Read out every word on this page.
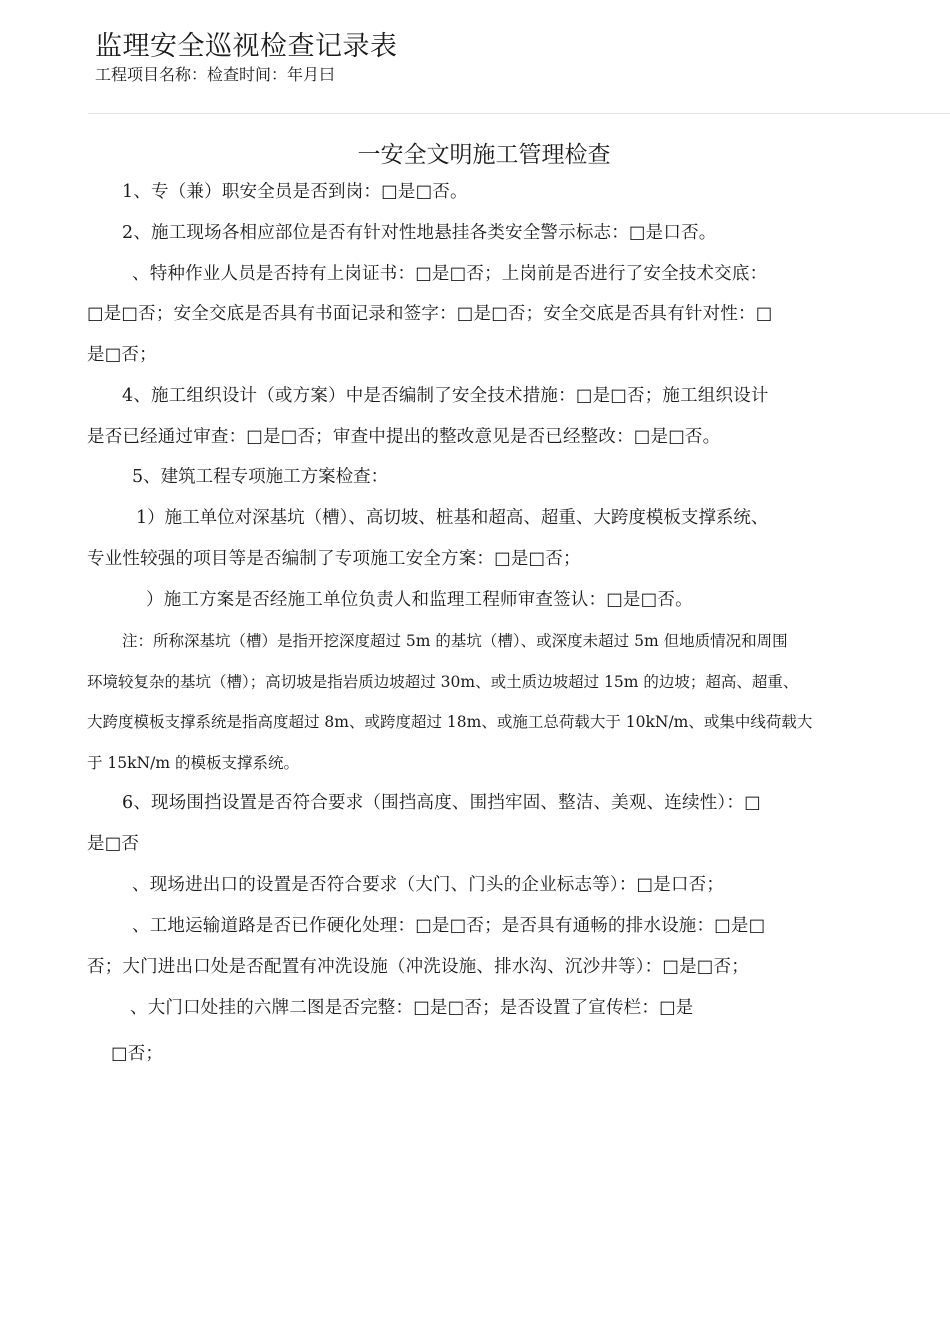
监理安全巡视检查记录表
工程项目名称：检查时间：年月曰
一安全文明施工管理检查
1、专（兼）职安全员是否到岗：□是□否。
2、施工现场各相应部位是否有针对性地悬挂各类安全警示标志：□是口否。
、特种作业人员是否持有上岗证书：□是□否；上岗前是否进行了安全技术交底：
□是□否；安全交底是否具有书面记录和签字：□是□否；安全交底是否具有针对性：□
是□否；
4、施工组织设计（或方案）中是否编制了安全技术措施：□是□否；施工组织设计
是否已经通过审查：□是□否；审查中提出的整改意见是否已经整改：□是□否。
5、建筑工程专项施工方案检查：
1）施工单位对深基坑（槽）、高切坡、桩基和超高、超重、大跨度模板支撑系统、
专业性较强的项目等是否编制了专项施工安全方案：□是□否；
）施工方案是否经施工单位负责人和监理工程师审查签认：□是□否。
注：所称深基坑（槽）是指开挖深度超过 5m 的基坑（槽）、或深度未超过 5m 但地质情况和周围
环境较复杂的基坑（槽）；高切坡是指岩质边坡超过 30m、或土质边坡超过 15m 的边坡；超高、超重、
大跨度模板支撑系统是指高度超过 8m、或跨度超过 18m、或施工总荷载大于 10kN/m、或集中线荷载大
于 15kN/m 的模板支撑系统。
6、现场围挡设置是否符合要求（围挡高度、围挡牢固、整洁、美观、连续性）：□
是□否
、现场进出口的设置是否符合要求（大门、门头的企业标志等）：□是口否；
、工地运输道路是否已作硬化处理：□是□否；是否具有通畅的排水设施：□是□
否；大门进出口处是否配置有冲洗设施（冲洗设施、排水沟、沉沙井等）：□是□否；
、大门口处挂的六牌二图是否完整：□是□否；是否设置了宣传栏：□是
□否；
